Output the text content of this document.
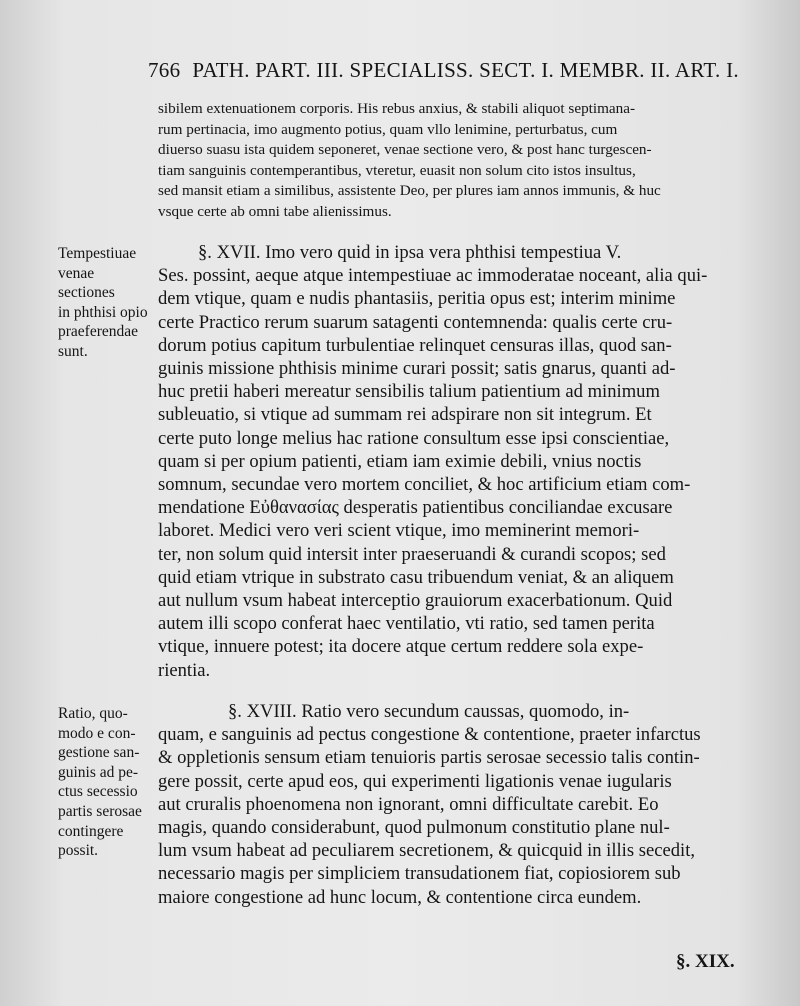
766 PATH. PART. III. SPECIALISS. SECT. I. MEMBR. II. ART. I.
sibilem extenuationem corporis. His rebus anxius, & stabili aliquot septimana-
rum pertinacia, imo augmento potius, quam vllo lenimine, perturbatus, cum
diuerso suasu ista quidem seponeret, venae sectione vero, & post hanc turgescen-
tiam sanguinis contemperantibus, vteretur, euasit non solum cito istos insultus,
sed mansit etiam a similibus, assistente Deo, per plures iam annos immunis, & huc
vsque certe ab omni tabe alienissimus.
Tempestiuae
venae sectiones
in phthisi opio
praeferendae
sunt.
§. XVII. Imo vero quid in ipsa vera phthisi tempestiua V.
Ses. possint, aeque atque intempestiuae ac immoderatae noceant, alia qui-
dem vtique, quam e nudis phantasiis, peritia opus est; interim minime
certe Practico rerum suarum satagenti contemnenda: qualis certe cru-
dorum potius capitum turbulentiae relinquet censuras illas, quod san-
guinis missione phthisis minime curari possit; satis gnarus, quanti ad-
huc pretii haberi mereatur sensibilis talium patientium ad minimum
subleuatio, si vtique ad summam rei adspirare non sit integrum. Et
certe puto longe melius hac ratione consultum esse ipsi conscientiae,
quam si per opium patienti, etiam iam eximie debili, vnius noctis
somnum, secundae vero mortem conciliet, & hoc artificium etiam com-
mendatione Εὐθανασίας desperatis patientibus conciliandae excusare
laboret. Medici vero veri scient vtique, imo meminerint memori-
ter, non solum quid intersit inter praeseruandi & curandi scopos; sed
quid etiam vtrique in substrato casu tribuendum veniat, & an aliquem
aut nullum vsum habeat interceptio grauiorum exacerbationum. Quid
autem illi scopo conferat haec ventilatio, vti ratio, sed tamen perita
vtique, innuere potest; ita docere atque certum reddere sola expe-
rientia.
Ratio, quo-
modo e con-
gestione san-
guinis ad pe-
ctus secessio
partis serosae
contingere
possit.
§. XVIII. Ratio vero secundum caussas, quomodo, in-
quam, e sanguinis ad pectus congestione & contentione, praeter infarctus
& oppletionis sensum etiam tenuioris partis serosae secessio talis contin-
gere possit, certe apud eos, qui experimenti ligationis venae iugularis
aut cruralis phoenomena non ignorant, omni difficultate carebit. Eo
magis, quando considerabunt, quod pulmonum constitutio plane nul-
lum vsum habeat ad peculiarem secretionem, & quicquid in illis secedit,
necessario magis per simpliciem transudationem fiat, copiosiorem sub
maiore congestione ad hunc locum, & contentione circa eundem.
§. XIX.
